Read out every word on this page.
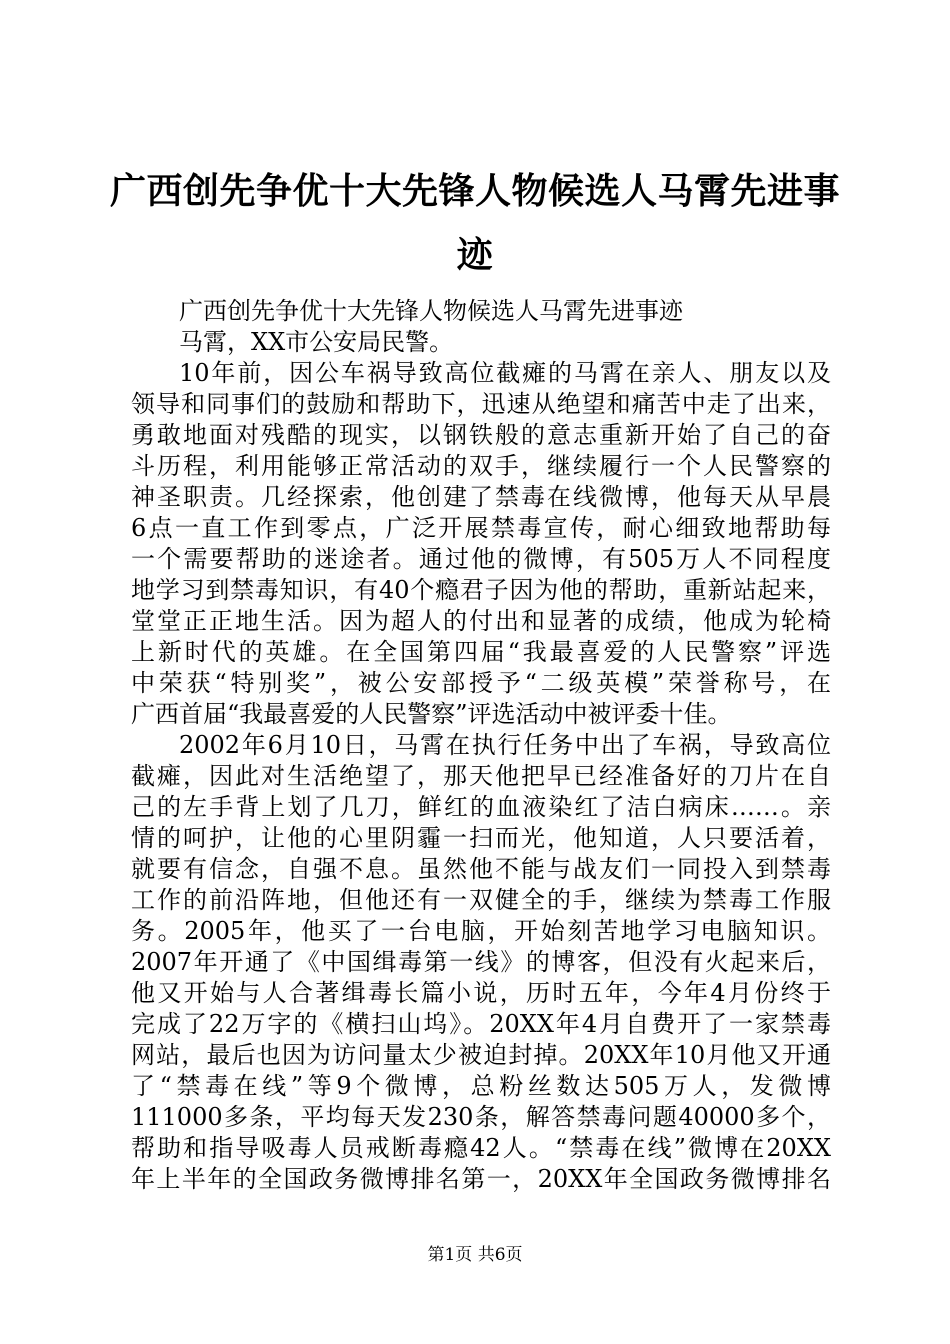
广西创先争优十大先锋人物候选人马霄先进事
迹
广西创先争优十大先锋人物候选人马霄先进事迹
马霄，XX市公安局民警。
10年前，因公车祸导致高位截瘫的马霄在亲人、朋友以及
领导和同事们的鼓励和帮助下，迅速从绝望和痛苦中走了出来，
勇敢地面对残酷的现实，以钢铁般的意志重新开始了自己的奋
斗历程，利用能够正常活动的双手，继续履行一个人民警察的
神圣职责。几经探索，他创建了禁毒在线微博，他每天从早晨
6点一直工作到零点，广泛开展禁毒宣传，耐心细致地帮助每
一个需要帮助的迷途者。通过他的微博，有505万人不同程度
地学习到禁毒知识，有40个瘾君子因为他的帮助，重新站起来，
堂堂正正地生活。因为超人的付出和显著的成绩，他成为轮椅
上新时代的英雄。在全国第四届“我最喜爱的人民警察”评选
中荣获“特别奖”，被公安部授予“二级英模”荣誉称号，在
广西首届“我最喜爱的人民警察”评选活动中被评委十佳。
2002年6月10日，马霄在执行任务中出了车祸，导致高位
截瘫，因此对生活绝望了，那天他把早已经准备好的刀片在自
己的左手背上划了几刀，鲜红的血液染红了洁白病床……。亲
情的呵护，让他的心里阴霾一扫而光，他知道，人只要活着，
就要有信念，自强不息。虽然他不能与战友们一同投入到禁毒
工作的前沿阵地，但他还有一双健全的手，继续为禁毒工作服
务。2005年，他买了一台电脑，开始刻苦地学习电脑知识。
2007年开通了《中国缉毒第一线》的博客，但没有火起来后，
他又开始与人合著缉毒长篇小说，历时五年，今年4月份终于
完成了22万字的《横扫山坞》。20XX年4月自费开了一家禁毒
网站，最后也因为访问量太少被迫封掉。20XX年10月他又开通
了“禁毒在线”等9个微博，总粉丝数达505万人，发微博
111000多条，平均每天发230条，解答禁毒问题40000多个，
帮助和指导吸毒人员戒断毒瘾42人。“禁毒在线”微博在20XX
年上半年的全国政务微博排名第一，20XX年全国政务微博排名
第1页 共6页
